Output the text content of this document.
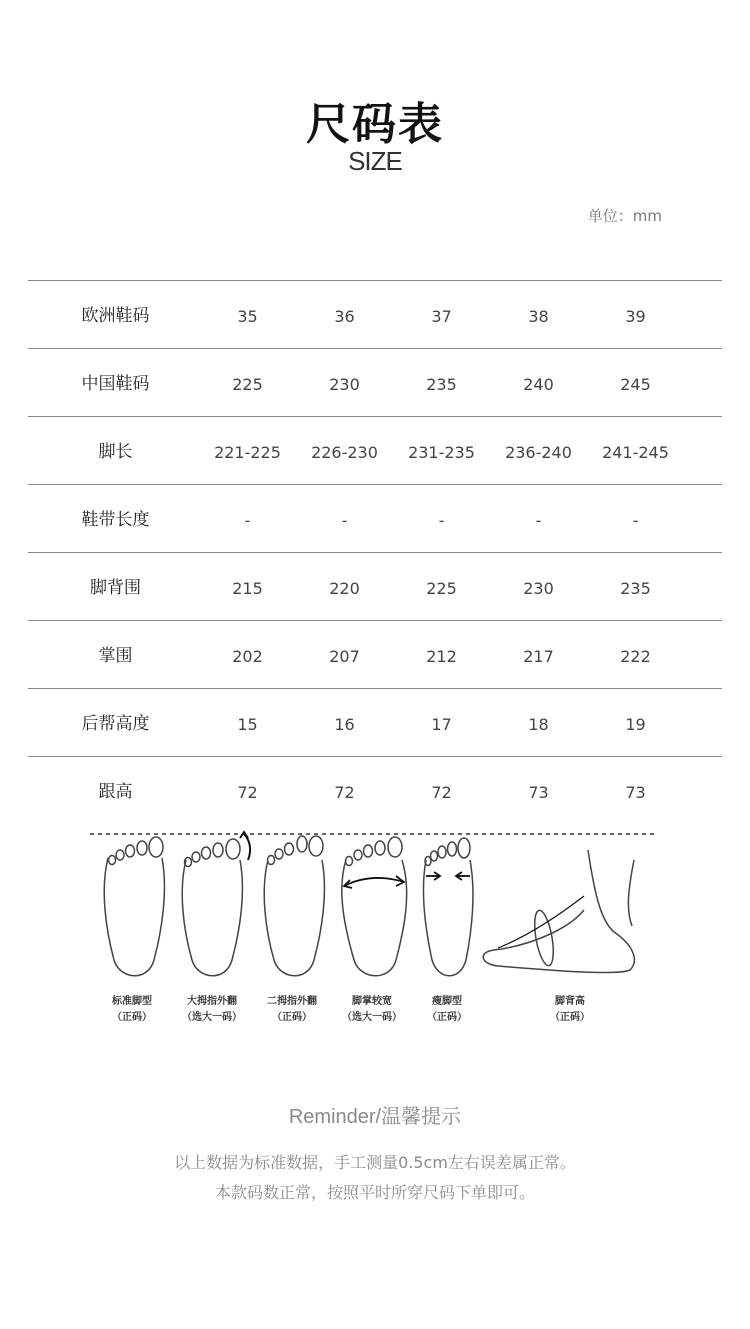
尺码表
SIZE
单位：mm
欧洲鞋码	35	36	37	38	39
中国鞋码	225	230	235	240	245
脚长	221-225	226-230	231-235	236-240	241-245
鞋带长度	-	-	-	-	-
脚背围	215	220	225	230	235
掌围	202	207	212	217	222
后帮高度	15	16	17	18	19
跟高	72	72	72	73	73
标准脚型
（正码）
大拇指外翻
（选大一码）
二拇指外翻
（正码）
脚掌较宽
（选大一码）
瘦脚型
（正码）
脚背高
（正码）
Reminder/温馨提示
以上数据为标准数据，手工测量0.5cm左右误差属正常。
本款码数正常，按照平时所穿尺码下单即可。
